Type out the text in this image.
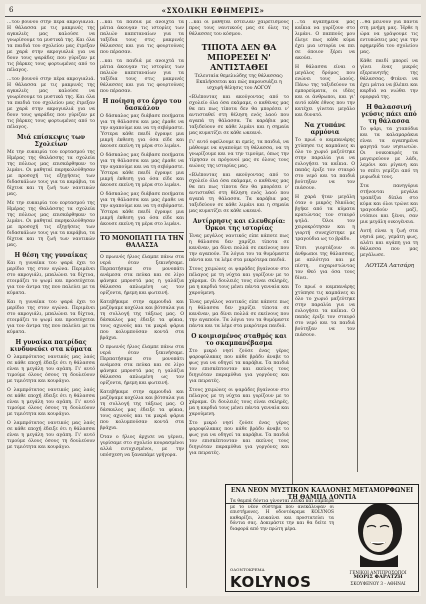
6	«ΣΧΟΛΙΚΗ ΕΦΗΜΕΡΙΣ»

…του βουνού στην πέρα ακρογιαλιά. Η θάλασσα με τις μακρινές της αγκαλιές μας καλούσε να γνωρίσουμε τα μυστικά της. Και όλα τα παιδιά του σχολείου μας έτρεξαν με χαρά στην ακρογιαλιά για να δουν τους ψαράδες που γύριζαν με τις βάρκες τους φορτωμένες από το πέλαγος.

…του βουνού στην πέρα ακρογιαλιά. Η θάλασσα με τις μακρινές της αγκαλιές μας καλούσε να γνωρίσουμε τα μυστικά της. Και όλα τα παιδιά του σχολείου μας έτρεξαν με χαρά στην ακρογιαλιά για να δουν τους ψαράδες που γύριζαν με τις βάρκες τους φορτωμένες από το πέλαγος.

Μιά επίσκεψις των Σχολείων

Με την ευκαιρία του εορτασμού της Ημέρας της Θαλάσσης τα σχολεία της πόλεως μας επισκέφθηκαν το λιμάνι. Οι μαθηταί παρηκολούθησαν με προσοχή τις εξηγήσεις των διδασκάλων τους για τα καράβια, τα δίχτυα και τη ζωή των ναυτικών μας.

Με την ευκαιρία του εορτασμού της Ημέρας της Θαλάσσης τα σχολεία της πόλεως μας επισκέφθηκαν το λιμάνι. Οι μαθηταί παρηκολούθησαν με προσοχή τις εξηγήσεις των διδασκάλων τους για τα καράβια, τα δίχτυα και τη ζωή των ναυτικών μας.

Η θέση της γυναίκας

Και η γυναίκα του ψαρά έχει το μερίδιο της στον αγώνα. Περιμένει στο ακρογιάλι, μπαλώνει τα δίχτυα, ετοιμάζει το ψωμί και προσεύχεται για τον άντρα της που παλεύει με τα κύματα.

Και η γυναίκα του ψαρά έχει το μερίδιο της στον αγώνα. Περιμένει στο ακρογιάλι, μπαλώνει τα δίχτυα, ετοιμάζει το ψωμί και προσεύχεται για τον άντρα της που παλεύει με τα κύματα.

Η γυναίκα πατρίδας κινδυνεύει στα κύματα

Ο λαμπρότατος ναυτικός μας λαός σε κάθε εποχή έδειξε ότι η θάλασσα είναι η μεγάλη του αγάπη. Γι' αυτό τιμούμε όλους όσους τη δουλεύουν με τιμιότητα και κουράγιο.

Ο λαμπρότατος ναυτικός μας λαός σε κάθε εποχή έδειξε ότι η θάλασσα είναι η μεγάλη του αγάπη. Γι' αυτό τιμούμε όλους όσους τη δουλεύουν με τιμιότητα και κουράγιο.

Ο λαμπρότατος ναυτικός μας λαός σε κάθε εποχή έδειξε ότι η θάλασσα είναι η μεγάλη του αγάπη. Γι' αυτό τιμούμε όλους όσους τη δουλεύουν με τιμιότητα και κουράγιο.

…και τα παιδιά με ανοιχτά τα μάτια άκουγαν τις ιστορίες των παλιών καπεταναίων για τα ταξίδια τους στις μακρινές θάλασσες και για τις φουρτούνες που πέρασαν.

…και τα παιδιά με ανοιχτά τα μάτια άκουγαν τις ιστορίες των παλιών καπεταναίων για τα ταξίδια τους στις μακρινές θάλασσες και για τις φουρτούνες που πέρασαν.

Η ποίηση στο έργο του δασκάλου

Ο δάσκαλος μας διάβασε ποιήματα για τη θάλασσα και μας έμαθε να την αγαπούμε και να τη σεβόμαστε. Ύστερα κάθε παιδί έγραψε μια μικρή έκθεση για όσα είδε και άκουσε εκείνη τη μέρα στο λιμάνι.

Ο δάσκαλος μας διάβασε ποιήματα για τη θάλασσα και μας έμαθε να την αγαπούμε και να τη σεβόμαστε. Ύστερα κάθε παιδί έγραψε μια μικρή έκθεση για όσα είδε και άκουσε εκείνη τη μέρα στο λιμάνι.

Ο δάσκαλος μας διάβασε ποιήματα για τη θάλασσα και μας έμαθε να την αγαπούμε και να τη σεβόμαστε. Ύστερα κάθε παιδί έγραψε μια μικρή έκθεση για όσα είδε και άκουσε εκείνη τη μέρα στο λιμάνι.

ΤΟ ΜΟΝΟΠΑΤΙ ΓΙΑ ΤΗΝ ΘΑΛΑΣΣΑ

Ο πρωινός ήλιος έλαμπε πάνω στα νερά όταν ξεκινήσαμε. Περπατήσαμε στο μονοπάτι ανάμεσα στα πεύκα και σε λίγο φάνηκε μπροστά μας η γαλάζια θάλασσα απλωμένη ως τον ορίζοντα, ήρεμη και φωτεινή.

Κατεβήκαμε στην αμμουδιά και μαζέψαμε κοχύλια και βότσαλα για τη συλλογή της τάξεως μας. Ο δάσκαλος μας έδειξε τα φύκια, τους αχινούς και τα μικρά ψάρια που κολυμπούσαν κοντά στα βράχια.

Ο πρωινός ήλιος έλαμπε πάνω στα νερά όταν ξεκινήσαμε. Περπατήσαμε στο μονοπάτι ανάμεσα στα πεύκα και σε λίγο φάνηκε μπροστά μας η γαλάζια θάλασσα απλωμένη ως τον ορίζοντα, ήρεμη και φωτεινή.

Κατεβήκαμε στην αμμουδιά και μαζέψαμε κοχύλια και βότσαλα για τη συλλογή της τάξεως μας. Ο δάσκαλος μας έδειξε τα φύκια, τους αχινούς και τα μικρά ψάρια που κολυμπούσαν κοντά στα βράχια.

Όταν ο ήλιος άρχισε να γέρνει, γυρίσαμε στο σχολείο κουρασμένοι αλλά ευτυχισμένοι, με την υπόσχεση να ξαναπάμε γρήγορα.

…και οι μαθηταί έστειλαν χαιρετισμούς προς τους ναυτικούς μας σε όλες τις θάλασσες του κόσμου.

ΤΙΠΟΤΑ ΔΕΝ ΘΑ ΜΠΟΡΕΣΕΙ Ν' ΑΝΤΙΣΤΑΘΕΙ
Τελευταία θεμελιώδης της θάλασσας: Εκπλήσσεται και πώς παρουσιάζει η ισχυρή θέλησις του ΛΟΓΟΥ

«Βλέποντας και ακούγοντας από το σχολείο όλα όσα εκάμαμε, ο καθένας μας θα πει πως τίποτα δεν θα μπορέσει ν' αντισταθεί στη θέληση ενός λαού που αγαπά τη θάλασσα. Τα καράβια μας ταξιδεύουν σε κάθε λιμάνι και η σημαία μας κυματίζει σε κάθε ωκεανό.

Γι' αυτό οφείλουμε κι εμείς, τα παιδιά, να μάθουμε να αγαπούμε τη θάλασσα, να τη γνωρίζουμε και να την τιμούμε, όπως την τίμησαν οι πρόγονοί μας σε όλους τους αιώνες της ιστορίας μας.

«Βλέποντας και ακούγοντας από το σχολείο όλα όσα εκάμαμε, ο καθένας μας θα πει πως τίποτα δεν θα μπορέσει ν' αντισταθεί στη θέληση ενός λαού που αγαπά τη θάλασσα. Τα καράβια μας ταξιδεύουν σε κάθε λιμάνι και η σημαία μας κυματίζει σε κάθε ωκεανό.

Αντίρρησις και ελευθερία: Όρκοι της ιστορίας

Ένας μεγάλος ναυτικός είπε κάποτε πως η θάλασσα δεν χαρίζει τίποτα σε κανέναν, μα δίνει πολλά σε εκείνους που την αγαπούν. Τα λόγια του τα θυμόμαστε πάντα και τα λέμε στα μικρότερα παιδιά.

Στους χειμώνες οι ψαράδες βγαίνουν στο πέλαγος με τη νύχτα και γυρίζουν με το χάραμα. Οι δουλειές τους είναι σκληρές, μα η καρδιά τους μένει πάντα γενναία και χαρούμενη.

Ένας μεγάλος ναυτικός είπε κάποτε πως η θάλασσα δεν χαρίζει τίποτα σε κανέναν, μα δίνει πολλά σε εκείνους που την αγαπούν. Τα λόγια του τα θυμόμαστε πάντα και τα λέμε στα μικρότερα παιδιά.

Ο κοιμισμένος σταθμός και το σκαμπανέβασμα

Στο μικρό νησί ζούσε ένας γέρος φαροφύλακας που κάθε βράδυ άναβε το φως για να οδηγεί τα καράβια. Τα παιδιά τον επισκέπτονταν και εκείνος τους διηγιόταν παραμύθια για γοργόνες και για πειρατές.

Στους χειμώνες οι ψαράδες βγαίνουν στο πέλαγος με τη νύχτα και γυρίζουν με το χάραμα. Οι δουλειές τους είναι σκληρές, μα η καρδιά τους μένει πάντα γενναία και χαρούμενη.

Στο μικρό νησί ζούσε ένας γέρος φαροφύλακας που κάθε βράδυ άναβε το φως για να οδηγεί τα καράβια. Τα παιδιά τον επισκέπτονταν και εκείνος τους διηγιόταν παραμύθια για γοργόνες και για πειρατές.

…τα αγαπημένα μας καΐκια να γυρίζουν στο λιμάνι. Ο παππούς μου έλεγε πως κάθε κύμα έχει μια ιστορία να πει σε όποιον ξέρει να ακούει.

Η θάλασσα είναι ο μεγάλος δρόμος που ενώνει τους λαούς. Πάνω της ταξιδεύουν τα εμπορεύματα, οι ιδέες και οι άνθρωποι, και γι' αυτό κάθε έθνος που την κατέχει γίνεται μεγάλο και δυνατό.

Να χτυπάνε αρμόνια

Το πρωί ο καμπανάρης χτύπησε τις καμπάνες κι όλο το χωριό μαζεύτηκε στην παραλία για να ευλογήσει τα καΐκια. Ο παπάς έριξε τον σταυρό στο νερό και τα παιδιά βούτηξαν να τον πιάσουν.

Η χαρά ήταν μεγάλη όταν ο μικρός Νικόλας βγήκε από τα κύματα κρατώντας τον σταυρό ψηλά. Όλοι τον χειροκρότησαν και η γιορτή συνεχίστηκε με τραγούδια ως το βράδυ.

Έτσι γιορτάζουν οι άνθρωποι της θάλασσας, με απλότητα και με πίστη, ευχαριστώντας τον Θεό για όσα τους δίνει.

Το πρωί ο καμπανάρης χτύπησε τις καμπάνες κι όλο το χωριό μαζεύτηκε στην παραλία για να ευλογήσει τα καΐκια. Ο παπάς έριξε τον σταυρό στο νερό και τα παιδιά βούτηξαν να τον πιάσουν.

…θα μείνουν για πάντα στη μνήμη μας. Ήρθε η ώρα να γράψουμε τις εντυπώσεις μας για την εφημερίδα του σχολείου μας.

Κάθε παιδί μπορεί να γίνει ένας μικρός εξερευνητής της θάλασσας. Φτάνει να έχει μάτια να βλέπει και καρδιά να νιώθει την ομορφιά της.

Η θαλασσινή γεύσις πάει από τη θάλασσα

Το ψάρι, τα χταπόδια και τα καλαμαράκια είναι τα αγαπημένα φαγητά των νησιωτών. Οι νοικοκυρές τα μαγειρεύουν με λάδι, λεμόνι και ρίγανη και το σπίτι γεμίζει από τη μυρωδιά τους.

Στα πανηγύρια στήνονται μεγάλα τραπέζια δίπλα στο κύμα και όλοι τρώνε και τραγουδούν μαζί, ντόπιοι και ξένοι, σαν μια μεγάλη οικογένεια.

Αυτή είναι η ζωή στα νησιά μας, γεμάτη φως, αλάτι και αγάπη για τη θάλασσα που μας μεγάλωσε.

ΛΟΥΙΖΑ Λατσάρη
ΕΝΑ ΝΕΟΝ ΜΥΣΤΙΚΟΝ ΚΑΛΛΟΝΗΣ ΜΕΤΑΜΟΡΦΩΝΕΙ ΤΗ ΘΑΜΠΑ ΔΟΝΤΙΑ
Τα θαμπά δόντια γίνονται λευκά και λαμπερά με το νέον σύστημα που ανεκάλυψαν οι επιστήμονες. Η οδοντόκρεμα KOLYNOS καθαρίζει, λευκαίνει και προστατεύει τα δόντια σας. Δοκιμάστε την και θα δείτε τη διαφορά από την πρώτη μέρα.
ΟΔΟΝΤΟΚΡΕΜΑ
KOLYNOS
ΓΕΝΙΚΟΙ ΑΝΤΙΠΡΟΣΩΠΟΙ
ΜΟΡΙΣ ΦΑΡΑΤΖΗ
ΣΚΟΥΦΕΝΟΥ 3 - ΑΘΗΝΑΙ
